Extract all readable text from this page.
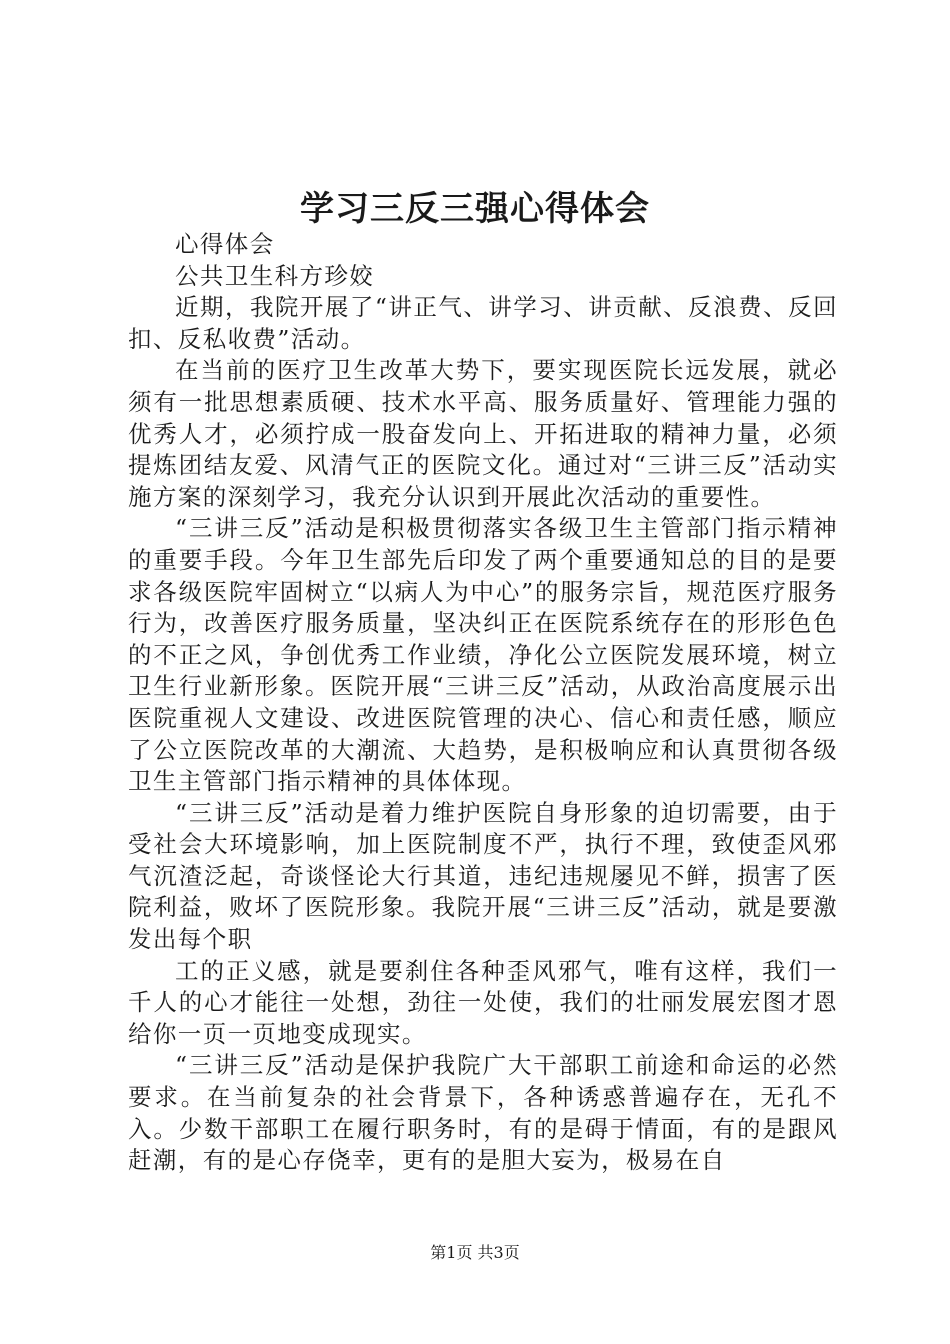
学习三反三强心得体会

心得体会

公共卫生科方珍姣

近期，我院开展了“讲正气、讲学习、讲贡献、反浪费、反回扣、反私收费”活动。

在当前的医疗卫生改革大势下，要实现医院长远发展，就必须有一批思想素质硬、技术水平高、服务质量好、管理能力强的优秀人才，必须拧成一股奋发向上、开拓进取的精神力量，必须提炼团结友爱、风清气正的医院文化。通过对“三讲三反”活动实施方案的深刻学习，我充分认识到开展此次活动的重要性。

“三讲三反”活动是积极贯彻落实各级卫生主管部门指示精神的重要手段。今年卫生部先后印发了两个重要通知总的目的是要求各级医院牢固树立“以病人为中心”的服务宗旨，规范医疗服务行为，改善医疗服务质量，坚决纠正在医院系统存在的形形色色的不正之风，争创优秀工作业绩，净化公立医院发展环境，树立卫生行业新形象。医院开展“三讲三反”活动，从政治高度展示出医院重视人文建设、改进医院管理的决心、信心和责任感，顺应了公立医院改革的大潮流、大趋势，是积极响应和认真贯彻各级卫生主管部门指示精神的具体体现。

“三讲三反”活动是着力维护医院自身形象的迫切需要，由于受社会大环境影响，加上医院制度不严，执行不理，致使歪风邪气沉渣泛起，奇谈怪论大行其道，违纪违规屡见不鲜，损害了医院利益，败坏了医院形象。我院开展“三讲三反”活动，就是要激发出每个职

工的正义感，就是要刹住各种歪风邪气，唯有这样，我们一千人的心才能往一处想，劲往一处使，我们的壮丽发展宏图才恩给你一页一页地变成现实。

“三讲三反”活动是保护我院广大干部职工前途和命运的必然要求。在当前复杂的社会背景下，各种诱惑普遍存在，无孔不入。少数干部职工在履行职务时，有的是碍于情面，有的是跟风赶潮，有的是心存侥幸，更有的是胆大妄为，极易在自

第1页 共3页
